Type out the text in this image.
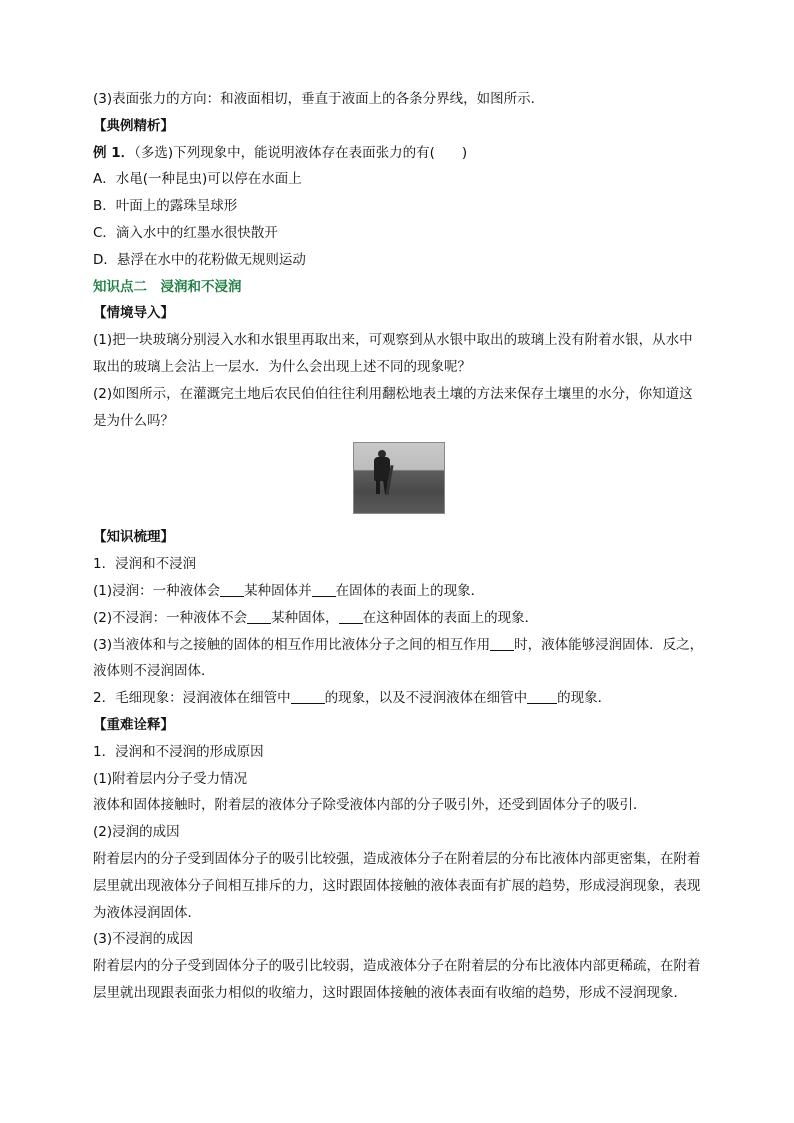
(3)表面张力的方向：和液面相切，垂直于液面上的各条分界线，如图所示．

【典例精析】

例 1．（多选)下列现象中，能说明液体存在表面张力的有(　　)

A．水黾(一种昆虫)可以停在水面上

B．叶面上的露珠呈球形

C．滴入水中的红墨水很快散开

D．悬浮在水中的花粉做无规则运动

知识点二　浸润和不浸润

【情境导入】

(1)把一块玻璃分别浸入水和水银里再取出来，可观察到从水银中取出的玻璃上没有附着水银，从水中取出的玻璃上会沾上一层水．为什么会出现上述不同的现象呢？

(2)如图所示，在灌溉完土地后农民伯伯往往利用翻松地表土壤的方法来保存土壤里的水分，你知道这是为什么吗？

【知识梳理】

1．浸润和不浸润

(1)浸润：一种液体会 某种固体并 在固体的表面上的现象．

(2)不浸润：一种液体不会 某种固体， 在这种固体的表面上的现象．

(3)当液体和与之接触的固体的相互作用比液体分子之间的相互作用 时，液体能够浸润固体．反之，液体则不浸润固体．

2．毛细现象：浸润液体在细管中	的现象，以及不浸润液体在细管中 的现象．

【重难诠释】

1．浸润和不浸润的形成原因

(1)附着层内分子受力情况

液体和固体接触时，附着层的液体分子除受液体内部的分子吸引外，还受到固体分子的吸引．

(2)浸润的成因

附着层内的分子受到固体分子的吸引比较强，造成液体分子在附着层的分布比液体内部更密集，在附着层里就出现液体分子间相互排斥的力，这时跟固体接触的液体表面有扩展的趋势，形成浸润现象，表现为液体浸润固体．

(3)不浸润的成因

附着层内的分子受到固体分子的吸引比较弱，造成液体分子在附着层的分布比液体内部更稀疏，在附着层里就出现跟表面张力相似的收缩力，这时跟固体接触的液体表面有收缩的趋势，形成不浸润现象．
